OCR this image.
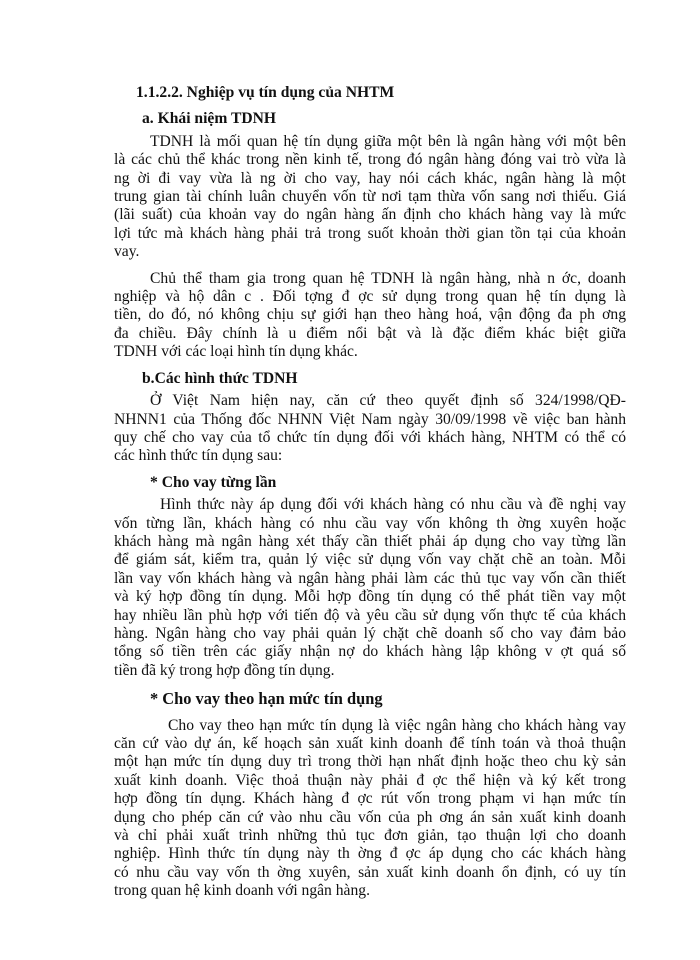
1.1.2.2. Nghiệp vụ tín dụng của NHTM

a. Khái niệm TDNH

TDNH là mối quan hệ tín dụng giữa một bên là ngân hàng với một bên
là các chủ thể khác trong nền kinh tế, trong đó ngân hàng đóng vai trò vừa là
ng ời đi vay vừa là ng ời cho vay, hay nói cách khác, ngân hàng là một
trung gian tài chính luân chuyển vốn từ nơi tạm thừa vốn sang nơi thiếu. Giá
(lãi suất) của khoản vay do ngân hàng ấn định cho khách hàng vay là mức
lợi tức mà khách hàng phải trả trong suốt khoản thời gian tồn tại của khoản
vay.
Chủ thể tham gia trong quan hệ TDNH là ngân hàng, nhà n ớc, doanh
nghiệp và hộ dân c . Đối tợng đ ợc sử dụng trong quan hệ tín dụng là
tiền, do đó, nó không chịu sự giới hạn theo hàng hoá, vận động đa ph ơng
đa chiều. Đây chính là u điểm nổi bật và là đặc điểm khác biệt giữa
TDNH với các loại hình tín dụng khác.

b.Các hình thức TDNH

Ở Việt Nam hiện nay, căn cứ theo quyết định số 324/1998/QĐ-
NHNN1 của Thống đốc NHNN Việt Nam ngày 30/09/1998 về việc ban hành
quy chế cho vay của tổ chức tín dụng đối với khách hàng, NHTM có thể có
các hình thức tín dụng sau:

* Cho vay từng lần

Hình thức này áp dụng đối với khách hàng có nhu cầu và đề nghị vay
vốn từng lần, khách hàng có nhu cầu vay vốn không th ờng xuyên hoặc
khách hàng mà ngân hàng xét thấy cần thiết phải áp dụng cho vay từng lần
để giám sát, kiểm tra, quản lý việc sử dụng vốn vay chặt chẽ an toàn. Mỗi
lần vay vốn khách hàng và ngân hàng phải làm các thủ tục vay vốn cần thiết
và ký hợp đồng tín dụng. Mỗi hợp đồng tín dụng có thể phát tiền vay một
hay nhiều lần phù hợp với tiến độ và yêu cầu sử dụng vốn thực tế của khách
hàng. Ngân hàng cho vay phải quản lý chặt chẽ doanh số cho vay đảm bảo
tổng số tiền trên các giấy nhận nợ do khách hàng lập không v ợt quá số
tiền đã ký trong hợp đồng tín dụng.

* Cho vay theo hạn mức tín dụng

Cho vay theo hạn mức tín dụng là việc ngân hàng cho khách hàng vay
căn cứ vào dự án, kế hoạch sản xuất kinh doanh để tính toán và thoả thuận
một hạn mức tín dụng duy trì trong thời hạn nhất định hoặc theo chu kỳ sản
xuất kinh doanh. Việc thoả thuận này phải đ ợc thể hiện và ký kết trong
hợp đồng tín dụng. Khách hàng đ ợc rút vốn trong phạm vi hạn mức tín
dụng cho phép căn cứ vào nhu cầu vốn của ph ơng án sản xuất kinh doanh
và chỉ phải xuất trình những thủ tục đơn giản, tạo thuận lợi cho doanh
nghiệp. Hình thức tín dụng này th ờng đ ợc áp dụng cho các khách hàng
có nhu cầu vay vốn th ờng xuyên, sản xuất kinh doanh ổn định, có uy tín
trong quan hệ kinh doanh với ngân hàng.
